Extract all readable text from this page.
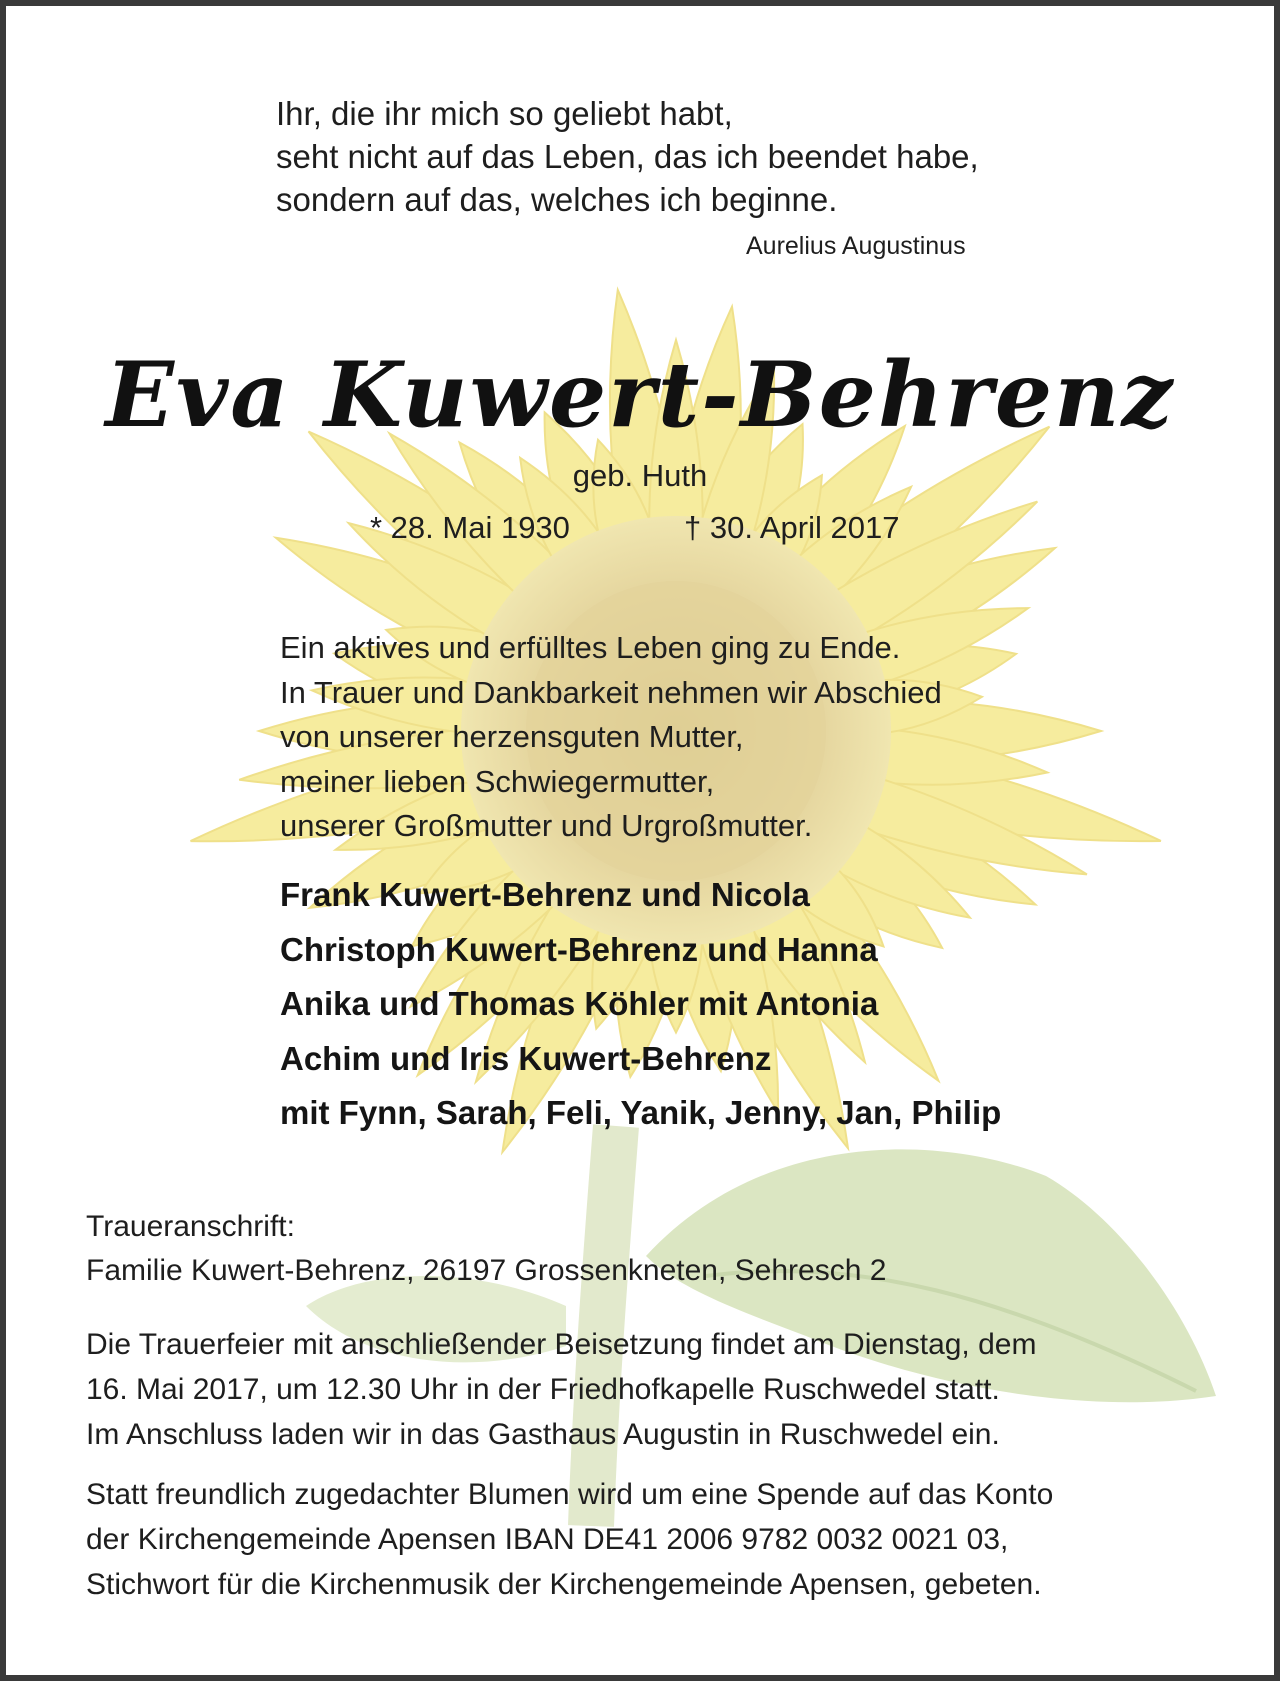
Ihr, die ihr mich so geliebt habt,
seht nicht auf das Leben, das ich beendet habe,
sondern auf das, welches ich beginne.
Aurelius Augustinus
Eva Kuwert-Behrenz
geb. Huth
* 28. Mai 1930	† 30. April 2017
Ein aktives und erfülltes Leben ging zu Ende.
In Trauer und Dankbarkeit nehmen wir Abschied
von unserer herzensguten Mutter,
meiner lieben Schwiegermutter,
unserer Großmutter und Urgroßmutter.
Frank Kuwert-Behrenz und Nicola
Christoph Kuwert-Behrenz und Hanna
Anika und Thomas Köhler mit Antonia
Achim und Iris Kuwert-Behrenz
mit Fynn, Sarah, Feli, Yanik, Jenny, Jan, Philip
Traueranschrift:
Familie Kuwert-Behrenz, 26197 Grossenkneten, Sehresch 2
Die Trauerfeier mit anschließender Beisetzung findet am Dienstag, dem
16. Mai 2017, um 12.30 Uhr in der Friedhofkapelle Ruschwedel statt.
Im Anschluss laden wir in das Gasthaus Augustin in Ruschwedel ein.
Statt freundlich zugedachter Blumen wird um eine Spende auf das Konto
der Kirchengemeinde Apensen IBAN DE41 2006 9782 0032 0021 03,
Stichwort für die Kirchenmusik der Kirchengemeinde Apensen, gebeten.
